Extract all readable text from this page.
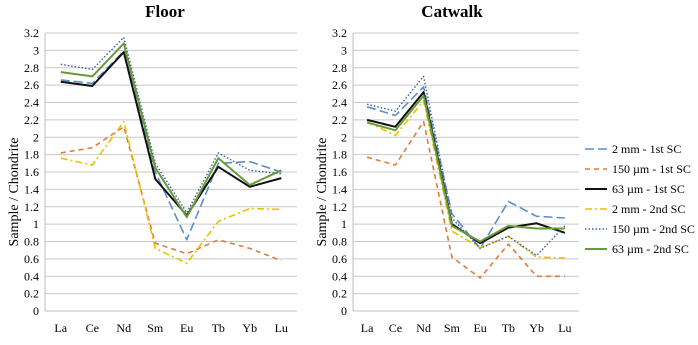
Floor
0
0.2
0.4
0.6
0.8
1
1.2
1.4
1.6
1.8
2
2.2
2.4
2.6
2.8
3
3.2
La Ce Nd Sm Eu Tb Yb Lu
Sample / Chondrite
Catwalk
0
0.2
0.4
0.6
0.8
1
1.2
1.4
1.6
1.8
2
2.2
2.4
2.6
2.8
3
3.2
La Ce Nd Sm Eu Tb Yb Lu
Sample / Chondrite	2 mm - 1st SC
150 µm - 1st SC
63 µm - 1st SC
2 mm - 2nd SC
150 µm - 2nd SC
63 µm - 2nd SC
